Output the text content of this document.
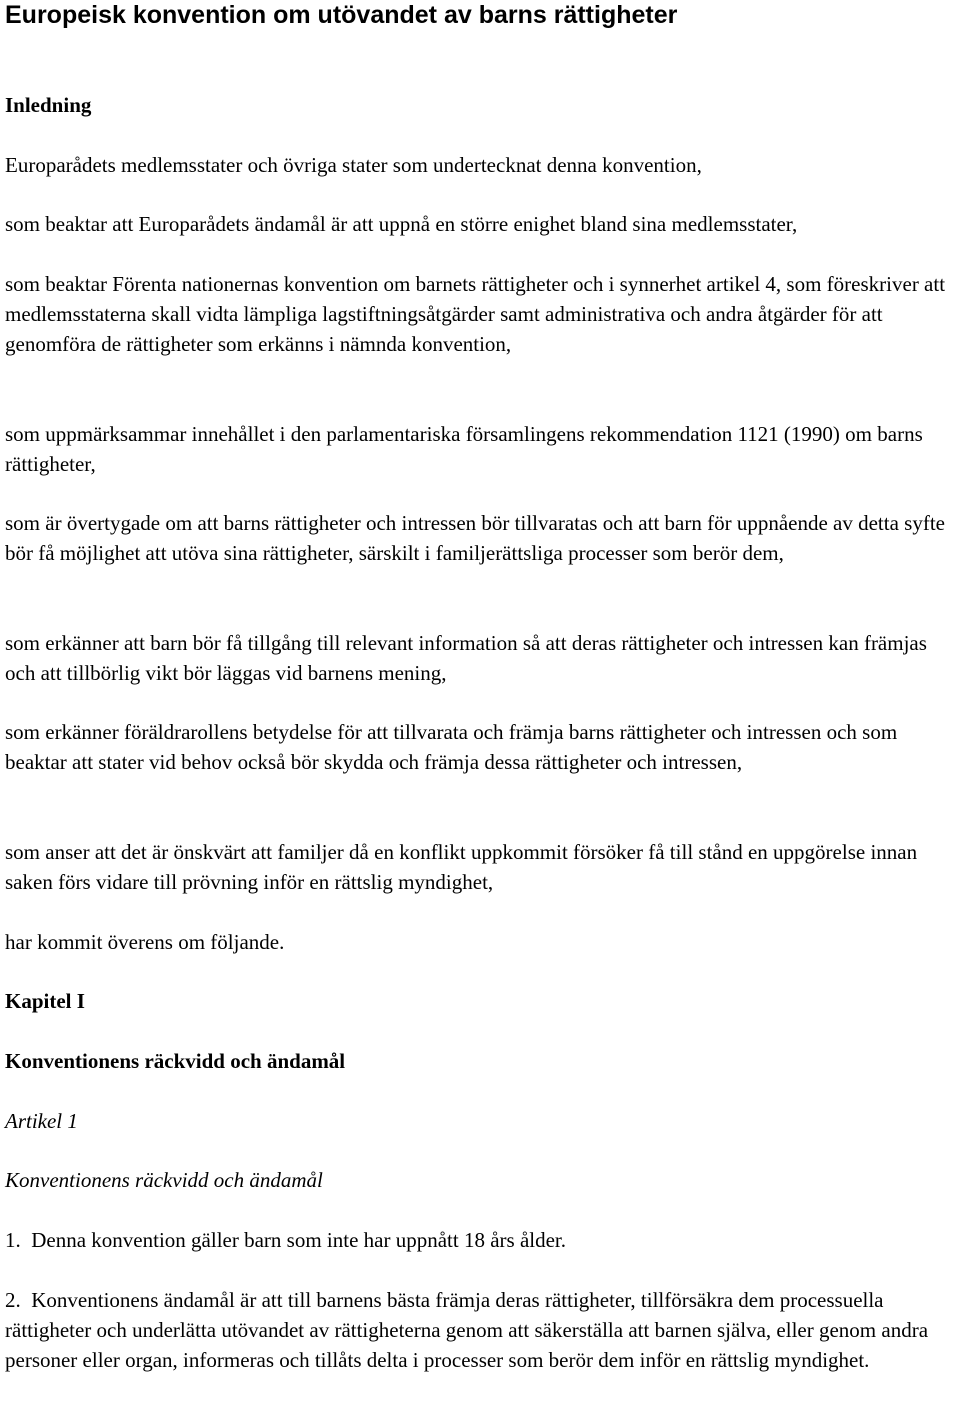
Europeisk konvention om utövandet av barns rättigheter

Inledning

Europarådets medlemsstater och övriga stater som undertecknat denna konvention,

som beaktar att Europarådets ändamål är att uppnå en större enighet bland sina medlemsstater,

som beaktar Förenta nationernas konvention om barnets rättigheter och i synnerhet artikel 4, som föreskriver att medlemsstaterna skall vidta lämpliga lagstiftningsåtgärder samt administrativa och andra åtgärder för att genomföra de rättigheter som erkänns i nämnda konvention,

som uppmärksammar innehållet i den parlamentariska församlingens rekommendation 1121 (1990) om barns rättigheter,

som är övertygade om att barns rättigheter och intressen bör tillvaratas och att barn för uppnående av detta syfte bör få möjlighet att utöva sina rättigheter, särskilt i familjerättsliga processer som berör dem,

som erkänner att barn bör få tillgång till relevant information så att deras rättigheter och intressen kan främjas och att tillbörlig vikt bör läggas vid barnens mening,

som erkänner föräldrarollens betydelse för att tillvarata och främja barns rättigheter och intressen och som beaktar att stater vid behov också bör skydda och främja dessa rättigheter och intressen,

som anser att det är önskvärt att familjer då en konflikt uppkommit försöker få till stånd en uppgörelse innan saken förs vidare till prövning inför en rättslig myndighet,

har kommit överens om följande.

Kapitel I

Konventionens räckvidd och ändamål

Artikel 1

Konventionens räckvidd och ändamål

1.  Denna konvention gäller barn som inte har uppnått 18 års ålder.

2.  Konventionens ändamål är att till barnens bästa främja deras rättigheter, tillförsäkra dem processuella rättigheter och underlätta utövandet av rättigheterna genom att säkerställa att barnen själva, eller genom andra personer eller organ, informeras och tillåts delta i processer som berör dem inför en rättslig myndighet.
